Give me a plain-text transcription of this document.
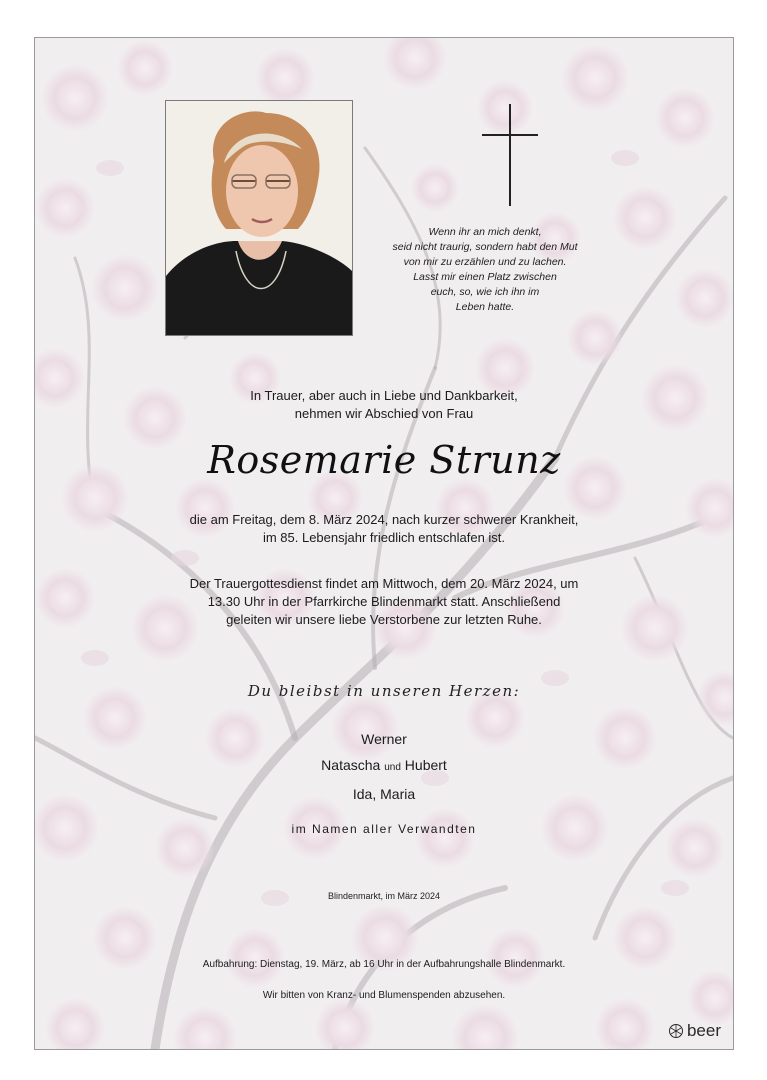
Wenn ihr an mich denkt,
seid nicht traurig, sondern habt den Mut
von mir zu erzählen und zu lachen.
Lasst mir einen Platz zwischen
euch, so, wie ich ihn im
Leben hatte.
In Trauer, aber auch in Liebe und Dankbarkeit,
nehmen wir Abschied von Frau
Rosemarie Strunz
die am Freitag, dem 8. März 2024, nach kurzer schwerer Krankheit,
im 85. Lebensjahr friedlich entschlafen ist.
Der Trauergottesdienst findet am Mittwoch, dem 20. März 2024, um
13.30 Uhr in der Pfarrkirche Blindenmarkt statt. Anschließend
geleiten wir unsere liebe Verstorbene zur letzten Ruhe.
Du bleibst in unseren Herzen:
Werner
Natascha und Hubert
Ida, Maria
im Namen aller Verwandten
Blindenmarkt, im März 2024
Aufbahrung: Dienstag, 19. März, ab 16 Uhr in der Aufbahrungshalle Blindenmarkt.
Wir bitten von Kranz- und Blumenspenden abzusehen.
beer
